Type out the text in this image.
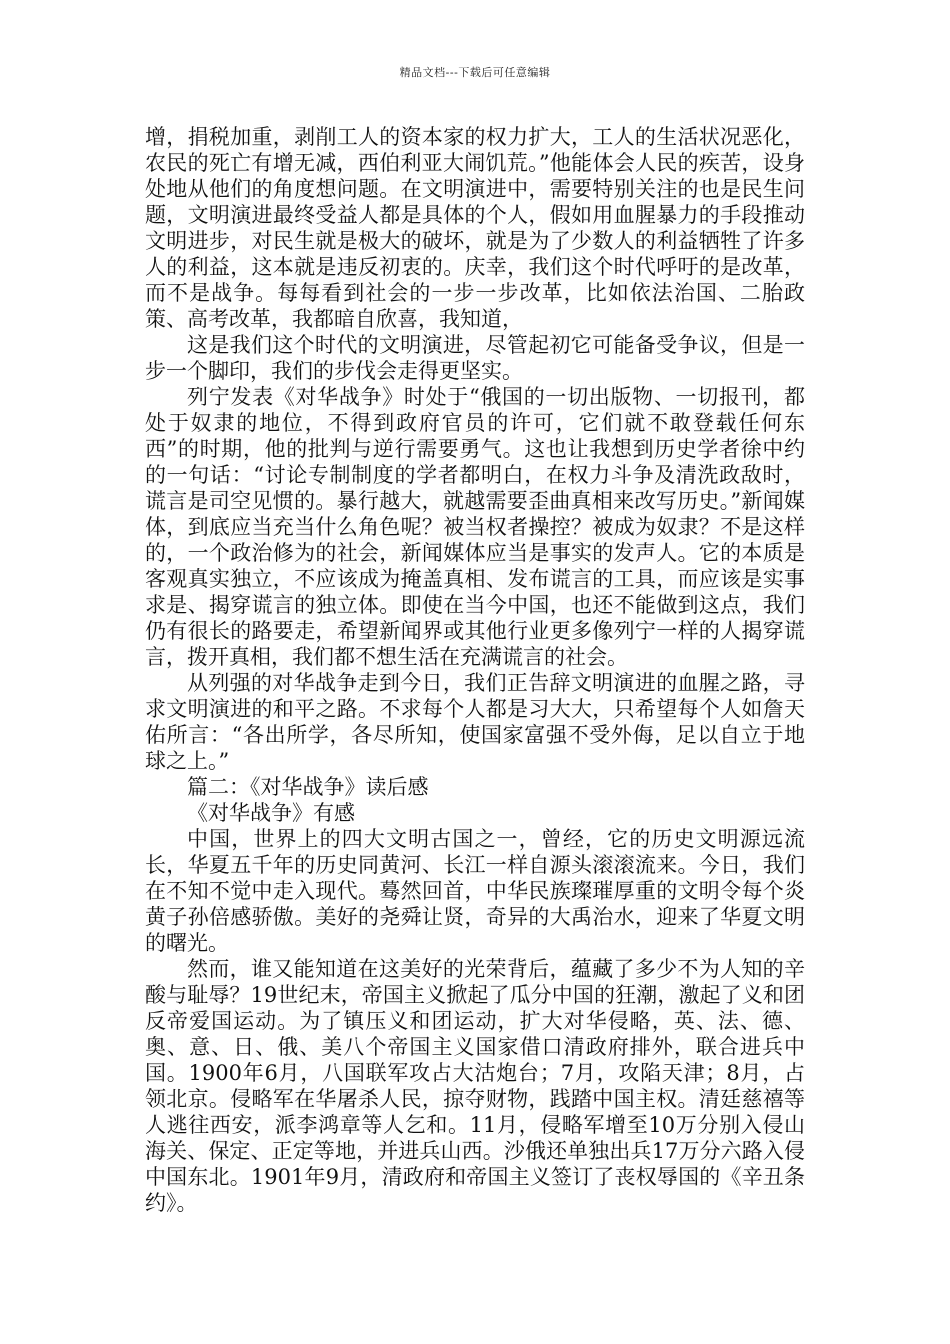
精品文档---下载后可任意编辑

增，捐税加重，剥削工人的资本家的权力扩大，工人的生活状况恶化，农民的死亡有增无减，西伯利亚大闹饥荒。”他能体会人民的疾苦，设身处地从他们的角度想问题。在文明演进中，需要特别关注的也是民生问题，文明演进最终受益人都是具体的个人，假如用血腥暴力的手段推动文明进步，对民生就是极大的破坏，就是为了少数人的利益牺牲了许多人的利益，这本就是违反初衷的。庆幸，我们这个时代呼吁的是改革，而不是战争。每每看到社会的一步一步改革，比如依法治国、二胎政策、高考改革，我都暗自欣喜，我知道，

这是我们这个时代的文明演进，尽管起初它可能备受争议，但是一步一个脚印，我们的步伐会走得更坚实。

列宁发表《对华战争》时处于“俄国的一切出版物、一切报刊，都处于奴隶的地位，不得到政府官员的许可，它们就不敢登载任何东西”的时期，他的批判与逆行需要勇气。这也让我想到历史学者徐中约的一句话：“讨论专制制度的学者都明白，在权力斗争及清洗政敌时，谎言是司空见惯的。暴行越大，就越需要歪曲真相来改写历史。”新闻媒体，到底应当充当什么角色呢？被当权者操控？被成为奴隶？不是这样的，一个政治修为的社会，新闻媒体应当是事实的发声人。它的本质是客观真实独立，不应该成为掩盖真相、发布谎言的工具，而应该是实事求是、揭穿谎言的独立体。即使在当今中国，也还不能做到这点，我们仍有很长的路要走，希望新闻界或其他行业更多像列宁一样的人揭穿谎言，拨开真相，我们都不想生活在充满谎言的社会。

从列强的对华战争走到今日，我们正告辞文明演进的血腥之路，寻求文明演进的和平之路。不求每个人都是习大大，只希望每个人如詹天佑所言：“各出所学，各尽所知，使国家富强不受外侮，足以自立于地球之上。”

篇二：《对华战争》读后感

《对华战争》有感

中国，世界上的四大文明古国之一，曾经，它的历史文明源远流长，华夏五千年的历史同黄河、长江一样自源头滚滚流来。今日，我们在不知不觉中走入现代。蓦然回首，中华民族璨璀厚重的文明令每个炎黄子孙倍感骄傲。美好的尧舜让贤，奇异的大禹治水，迎来了华夏文明的曙光。

然而，谁又能知道在这美好的光荣背后，蕴藏了多少不为人知的辛酸与耻辱？19世纪末，帝国主义掀起了瓜分中国的狂潮，激起了义和团反帝爱国运动。为了镇压义和团运动，扩大对华侵略，英、法、德、奥、意、日、俄、美八个帝国主义国家借口清政府排外，联合进兵中国。1900年6月，八国联军攻占大沽炮台；7月，攻陷天津；8月，占领北京。侵略军在华屠杀人民，掠夺财物，践踏中国主权。清廷慈禧等人逃往西安，派李鸿章等人乞和。11月，侵略军增至10万分别入侵山海关、保定、正定等地，并进兵山西。沙俄还单独出兵17万分六路入侵中国东北。1901年9月，清政府和帝国主义签订了丧权辱国的《辛丑条约》。
